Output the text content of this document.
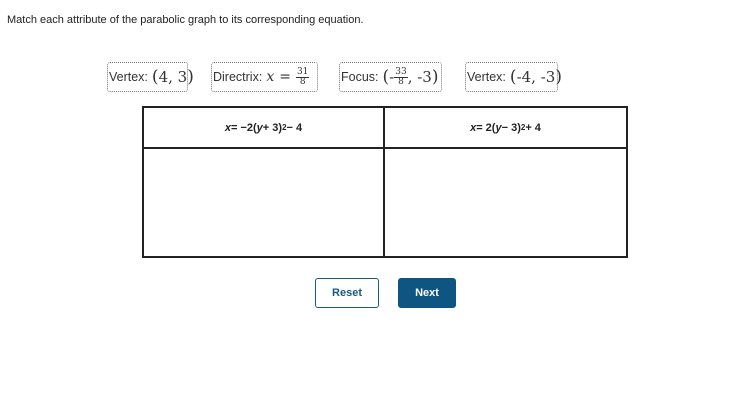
Match each attribute of the parabolic graph to its corresponding equation.
Vertex: ( 4, 3 ) Directrix: $x = \frac{31}{8}$	Focus: ( - $\frac{33}{8}$ , -3 ) Vertex: ( -4, -3 )
x = −2( y + 3) 2 − 4	x = 2( y − 3) 2 + 4
Reset	Next
